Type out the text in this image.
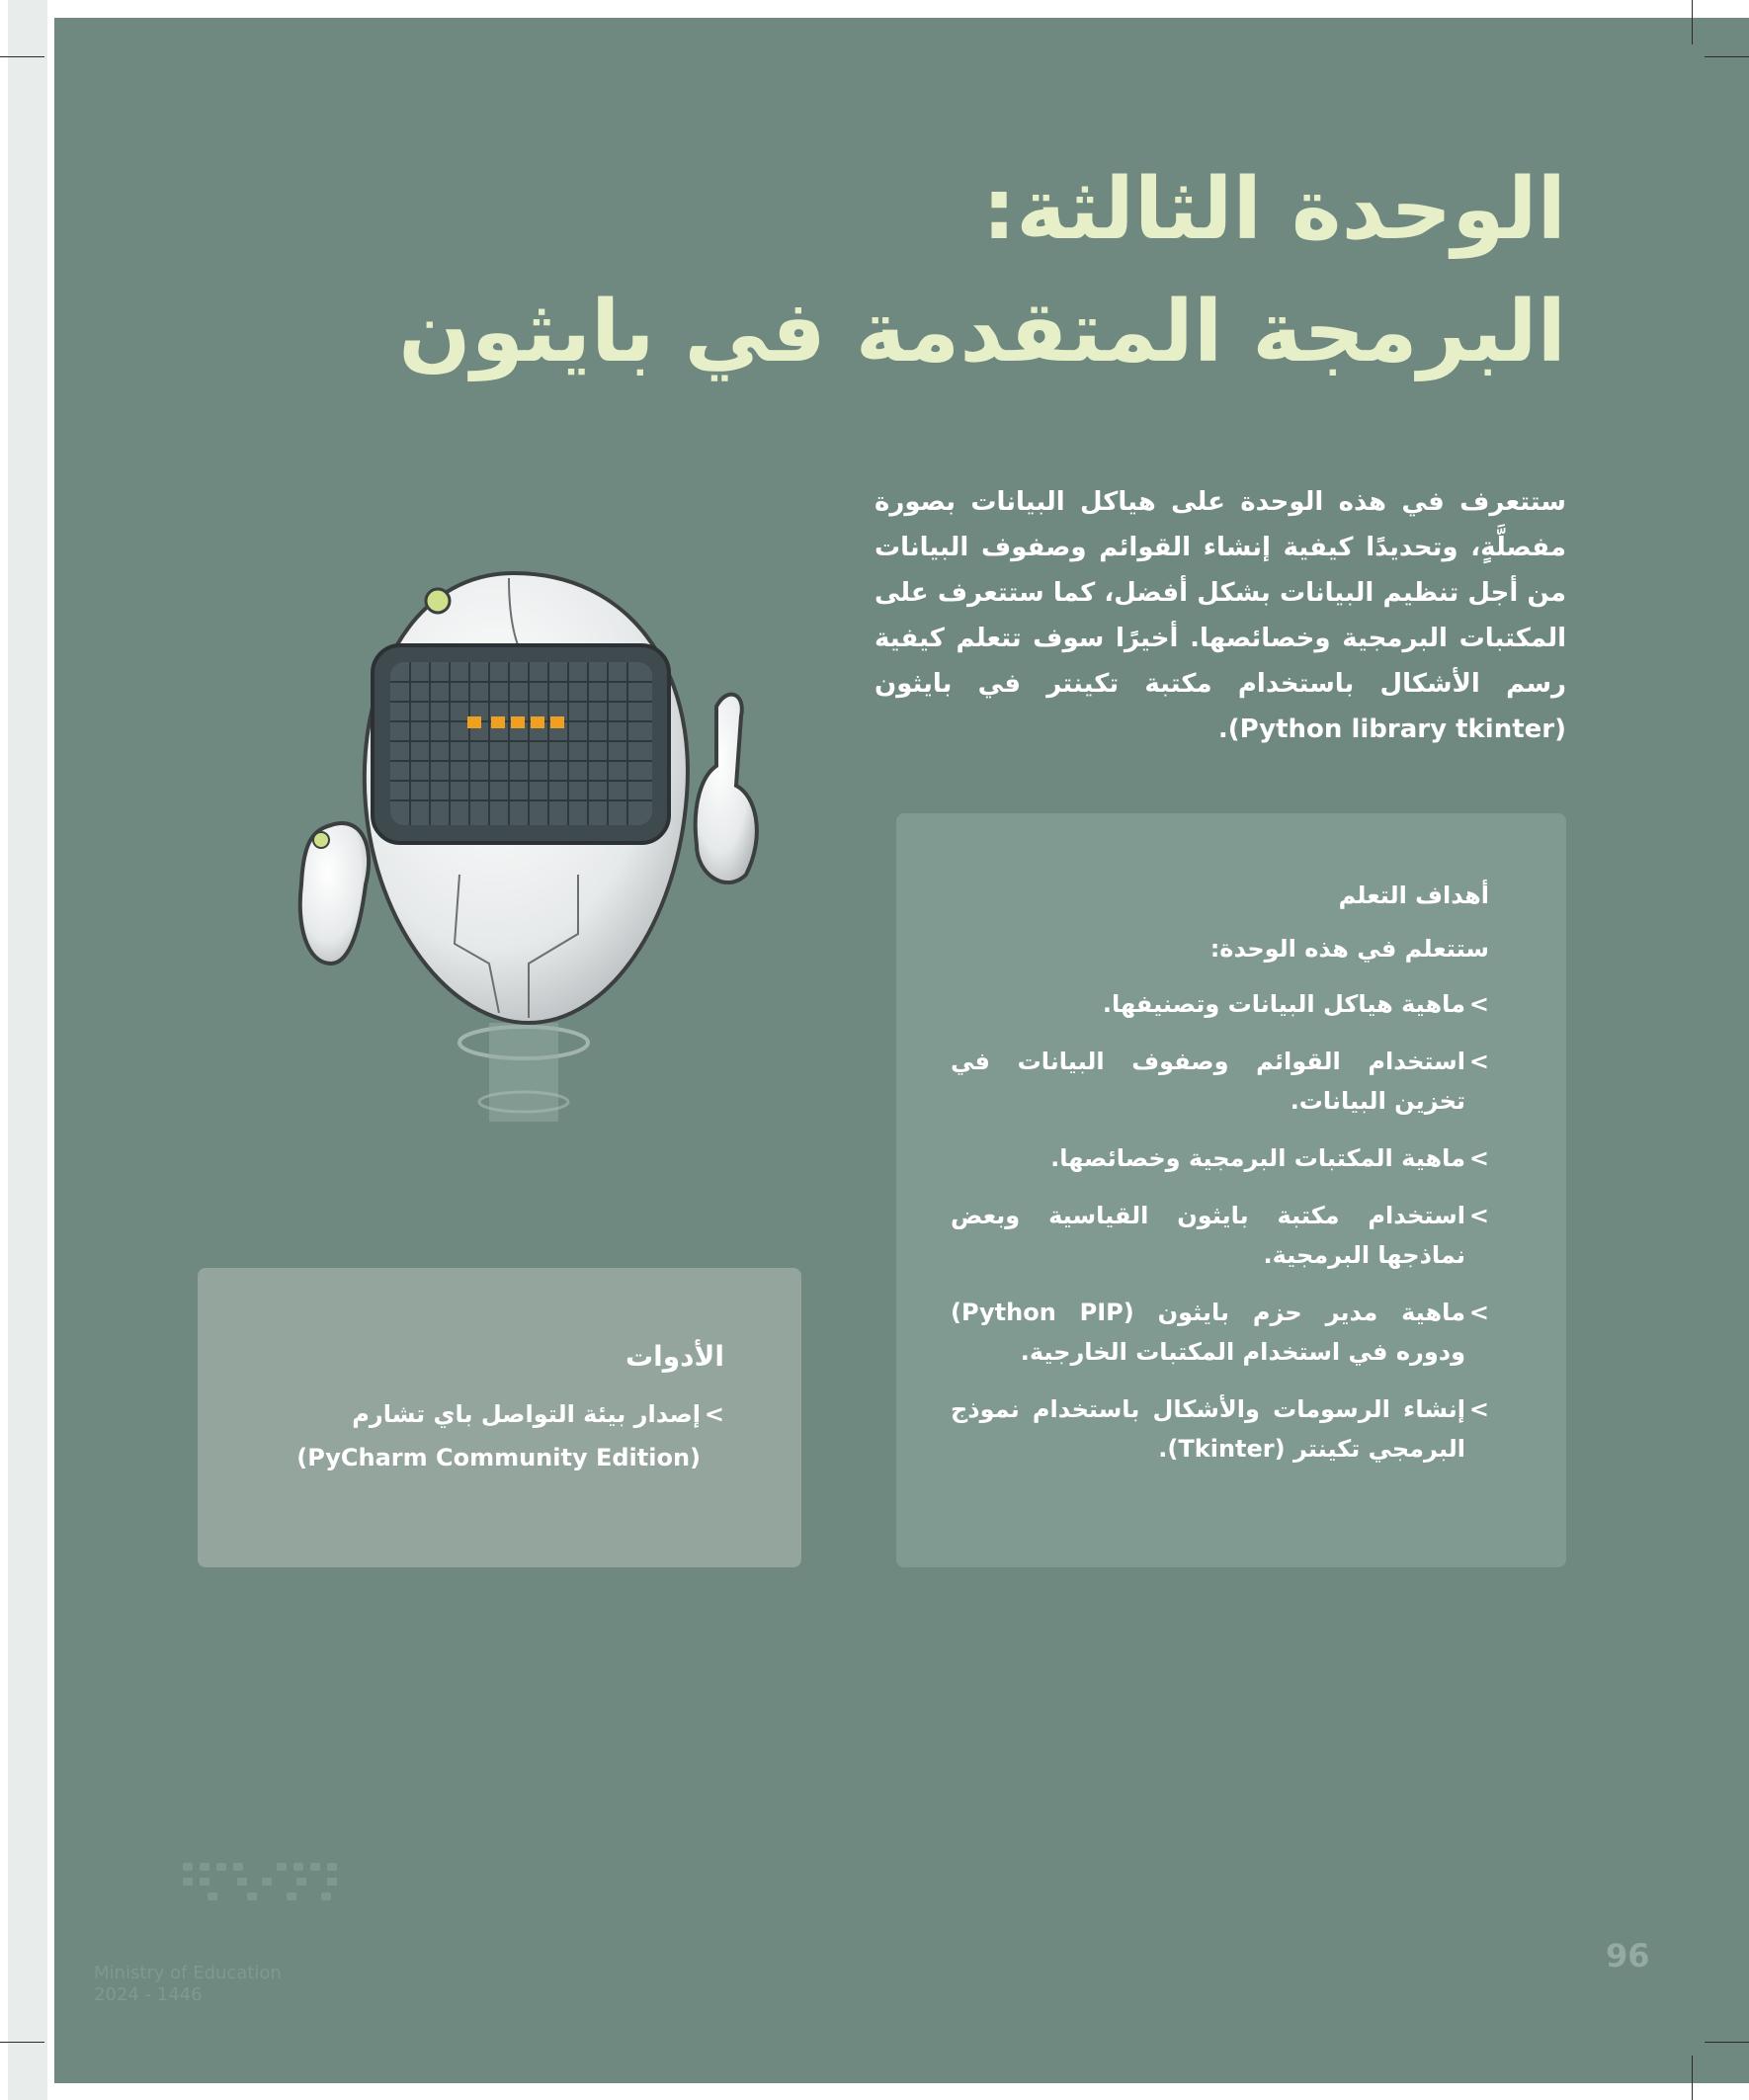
الوحدة الثالثة:
البرمجة المتقدمة في بايثون

ستتعرف في هذه الوحدة على هياكل البيانات بصورة مفصلَّةٍ، وتحديدًا كيفية إنشاء القوائم وصفوف البيانات من أجل تنظيم البيانات بشكل أفضل، كما ستتعرف على المكتبات البرمجية وخصائصها. أخيرًا سوف تتعلم كيفية رسم الأشكال باستخدام مكتبة تكينتر في بايثون (Python library tkinter).

أهداف التعلم

ستتعلم في هذه الوحدة:

> ماهية هياكل البيانات وتصنيفها.
> استخدام القوائم وصفوف البيانات في تخزين البيانات.
> ماهية المكتبات البرمجية وخصائصها.
> استخدام مكتبة بايثون القياسية وبعض نماذجها البرمجية.
> ماهية مدير حزم بايثون (Python PIP) ودوره في استخدام المكتبات الخارجية.
> إنشاء الرسومات والأشكال باستخدام نموذج البرمجي تكينتر (Tkinter).

الأدوات

> إصدار بيئة التواصل باي تشارم
(PyCharm Community Edition)

Ministry of Education

2024 - 1446

96
